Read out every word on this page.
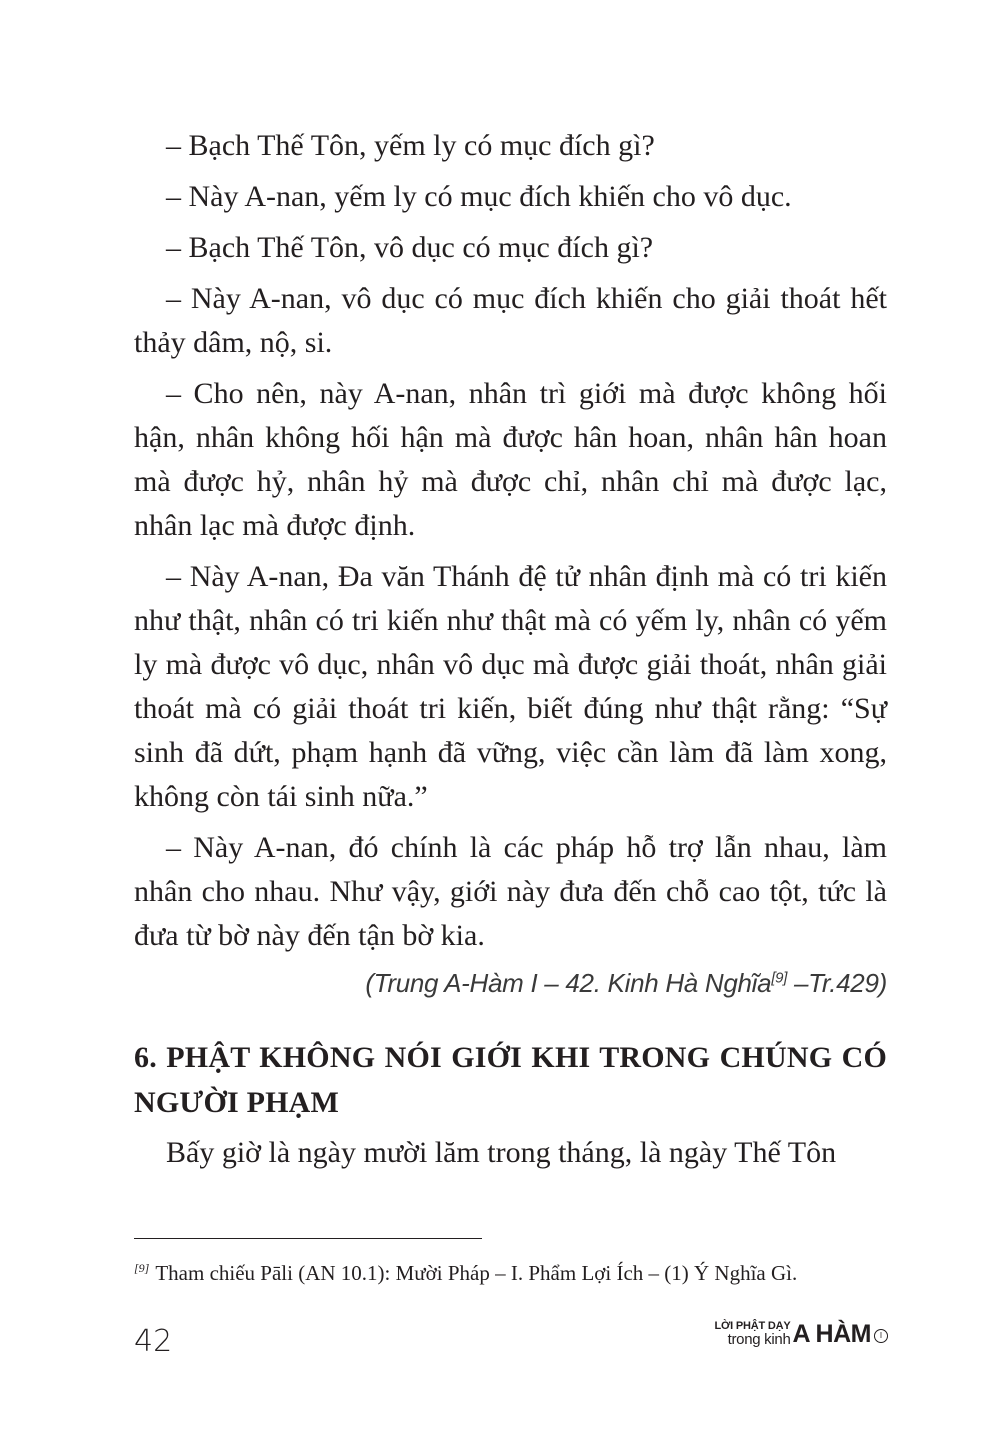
– Bạch Thế Tôn, yếm ly có mục đích gì?

– Này A-nan, yếm ly có mục đích khiến cho vô dục.

– Bạch Thế Tôn, vô dục có mục đích gì?

– Này A-nan, vô dục có mục đích khiến cho giải thoát hết thảy dâm, nộ, si.

– Cho nên, này A-nan, nhân trì giới mà được không hối hận, nhân không hối hận mà được hân hoan, nhân hân hoan mà được hỷ, nhân hỷ mà được chỉ, nhân chỉ mà được lạc, nhân lạc mà được định.

– Này A-nan, Đa văn Thánh đệ tử nhân định mà có tri kiến như thật, nhân có tri kiến như thật mà có yếm ly, nhân có yếm ly mà được vô dục, nhân vô dục mà được giải thoát, nhân giải thoát mà có giải thoát tri kiến, biết đúng như thật rằng: “Sự sinh đã dứt, phạm hạnh đã vững, việc cần làm đã làm xong, không còn tái sinh nữa.”

– Này A-nan, đó chính là các pháp hỗ trợ lẫn nhau, làm nhân cho nhau. Như vậy, giới này đưa đến chỗ cao tột, tức là đưa từ bờ này đến tận bờ kia.

(Trung A-Hàm I – 42. Kinh Hà Nghĩa[9] –Tr.429)

6. PHẬT KHÔNG NÓI GIỚI KHI TRONG CHÚNG CÓ NGƯỜI PHẠM

Bấy giờ là ngày mười lăm trong tháng, là ngày Thế Tôn

[9] Tham chiếu Pāli (AN 10.1): Mười Pháp – I. Phẩm Lợi Ích – (1) Ý Nghĩa Gì.
42	LỜI PHẬT DẠY
trong kinh A HÀM	I
